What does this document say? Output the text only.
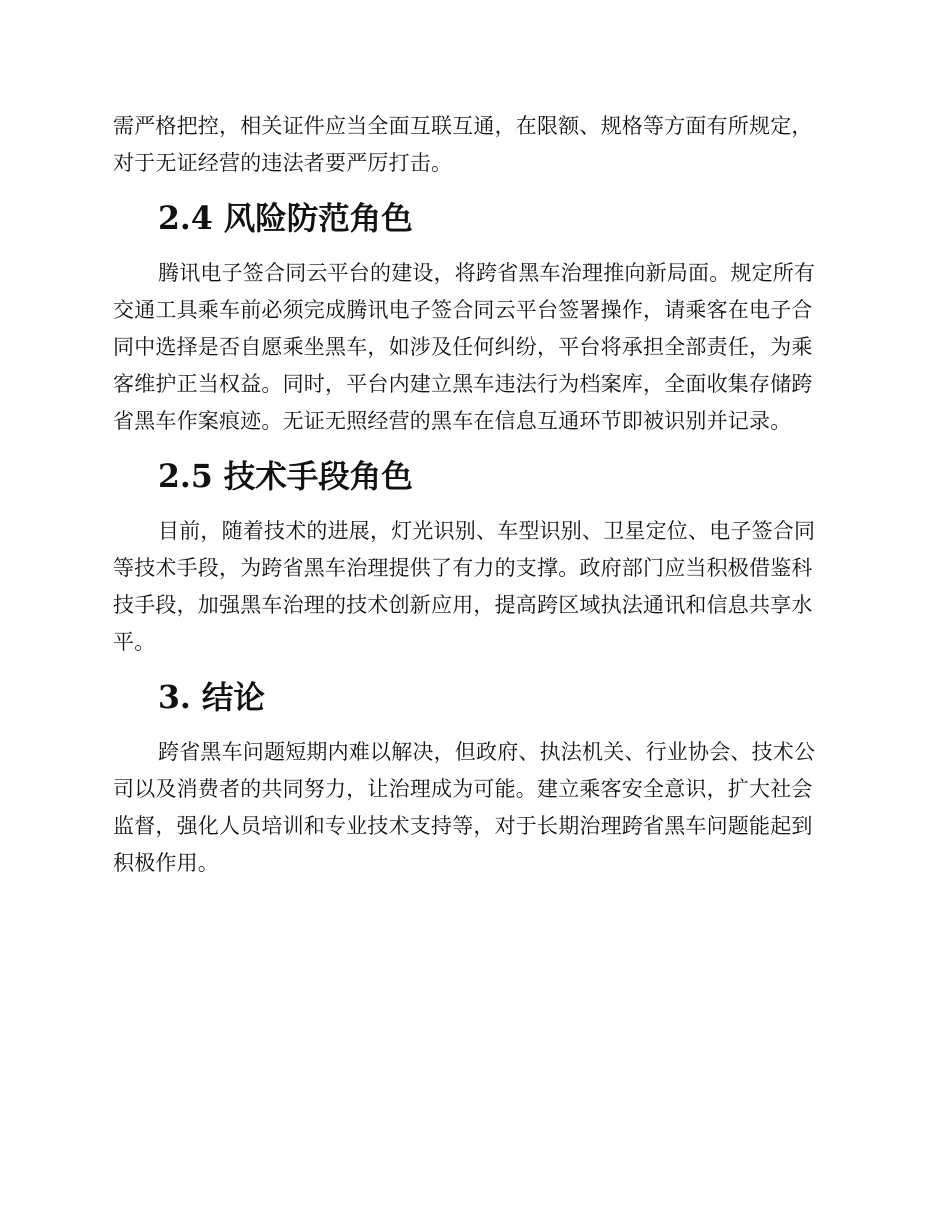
需严格把控，相关证件应当全面互联互通，在限额、规格等方面有所规定，对于无证经营的违法者要严厉打击。

2.4 风险防范角色

腾讯电子签合同云平台的建设，将跨省黑车治理推向新局面。规定所有交通工具乘车前必须完成腾讯电子签合同云平台签署操作，请乘客在电子合同中选择是否自愿乘坐黑车，如涉及任何纠纷，平台将承担全部责任，为乘客维护正当权益。同时，平台内建立黑车违法行为档案库，全面收集存储跨省黑车作案痕迹。无证无照经营的黑车在信息互通环节即被识别并记录。

2.5 技术手段角色

目前，随着技术的进展，灯光识别、车型识别、卫星定位、电子签合同等技术手段，为跨省黑车治理提供了有力的支撑。政府部门应当积极借鉴科技手段，加强黑车治理的技术创新应用，提高跨区域执法通讯和信息共享水平。

3. 结论

跨省黑车问题短期内难以解决，但政府、执法机关、行业协会、技术公司以及消费者的共同努力，让治理成为可能。建立乘客安全意识，扩大社会监督，强化人员培训和专业技术支持等，对于长期治理跨省黑车问题能起到积极作用。
